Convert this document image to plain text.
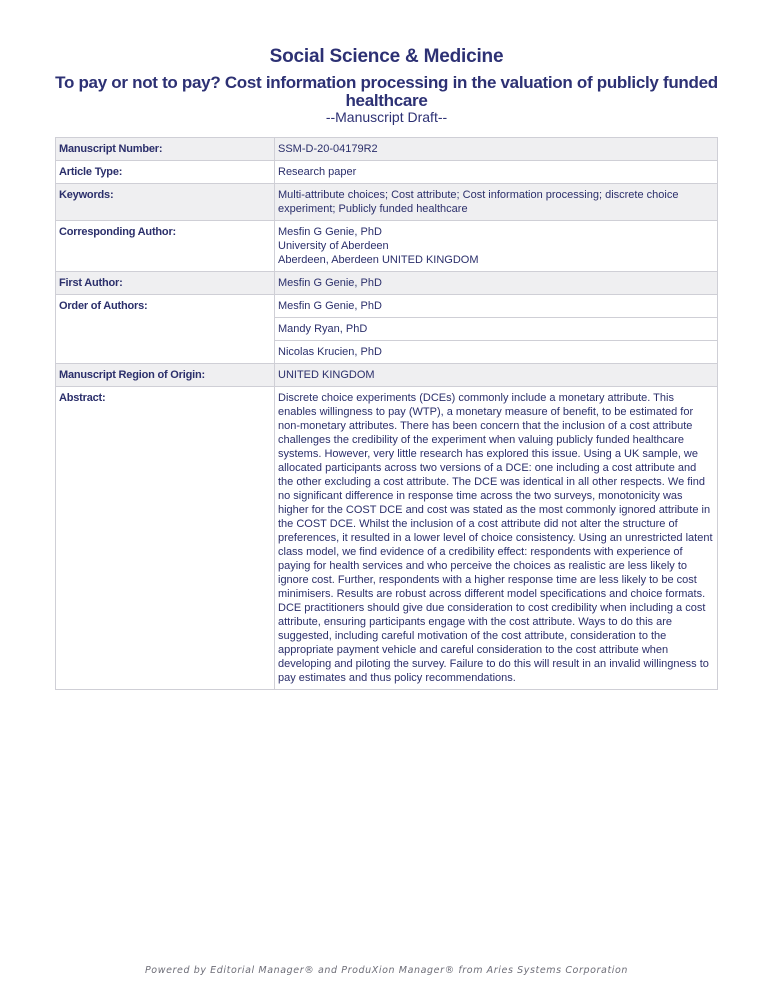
Social Science & Medicine
To pay or not to pay? Cost information processing in the valuation of publicly funded healthcare
--Manuscript Draft--
Manuscript Number:	SSM-D-20-04179R2
Article Type:	Research paper
Keywords:	Multi-attribute choices; Cost attribute; Cost information processing; discrete choice experiment; Publicly funded healthcare
Corresponding Author:	Mesfin G Genie, PhD
University of Aberdeen
Aberdeen, Aberdeen UNITED KINGDOM

First Author:	Mesfin G Genie, PhD
Order of Authors:	Mesfin G Genie, PhD
	Mandy Ryan, PhD
	Nicolas Krucien, PhD
Manuscript Region of Origin:	UNITED KINGDOM
Abstract:	Discrete choice experiments (DCEs) commonly include a monetary attribute. This enables willingness to pay (WTP), a monetary measure of benefit, to be estimated for non-monetary attributes. There has been concern that the inclusion of a cost attribute challenges the credibility of the experiment when valuing publicly funded healthcare systems. However, very little research has explored this issue. Using a UK sample, we allocated participants across two versions of a DCE: one including a cost attribute and the other excluding a cost attribute. The DCE was identical in all other respects. We find no significant difference in response time across the two surveys, monotonicity was higher for the COST DCE and cost was stated as the most commonly ignored attribute in the COST DCE. Whilst the inclusion of a cost attribute did not alter the structure of preferences, it resulted in a lower level of choice consistency. Using an unrestricted latent class model, we find evidence of a credibility effect: respondents with experience of paying for health services and who perceive the choices as realistic are less likely to ignore cost. Further, respondents with a higher response time are less likely to be cost minimisers. Results are robust across different model specifications and choice formats. DCE practitioners should give due consideration to cost credibility when including a cost attribute, ensuring participants engage with the cost attribute. Ways to do this are suggested, including careful motivation of the cost attribute, consideration to the appropriate payment vehicle and careful consideration to the cost attribute when developing and piloting the survey. Failure to do this will result in an invalid willingness to pay estimates and thus policy recommendations.
Powered by Editorial Manager® and ProduXion Manager® from Aries Systems Corporation
